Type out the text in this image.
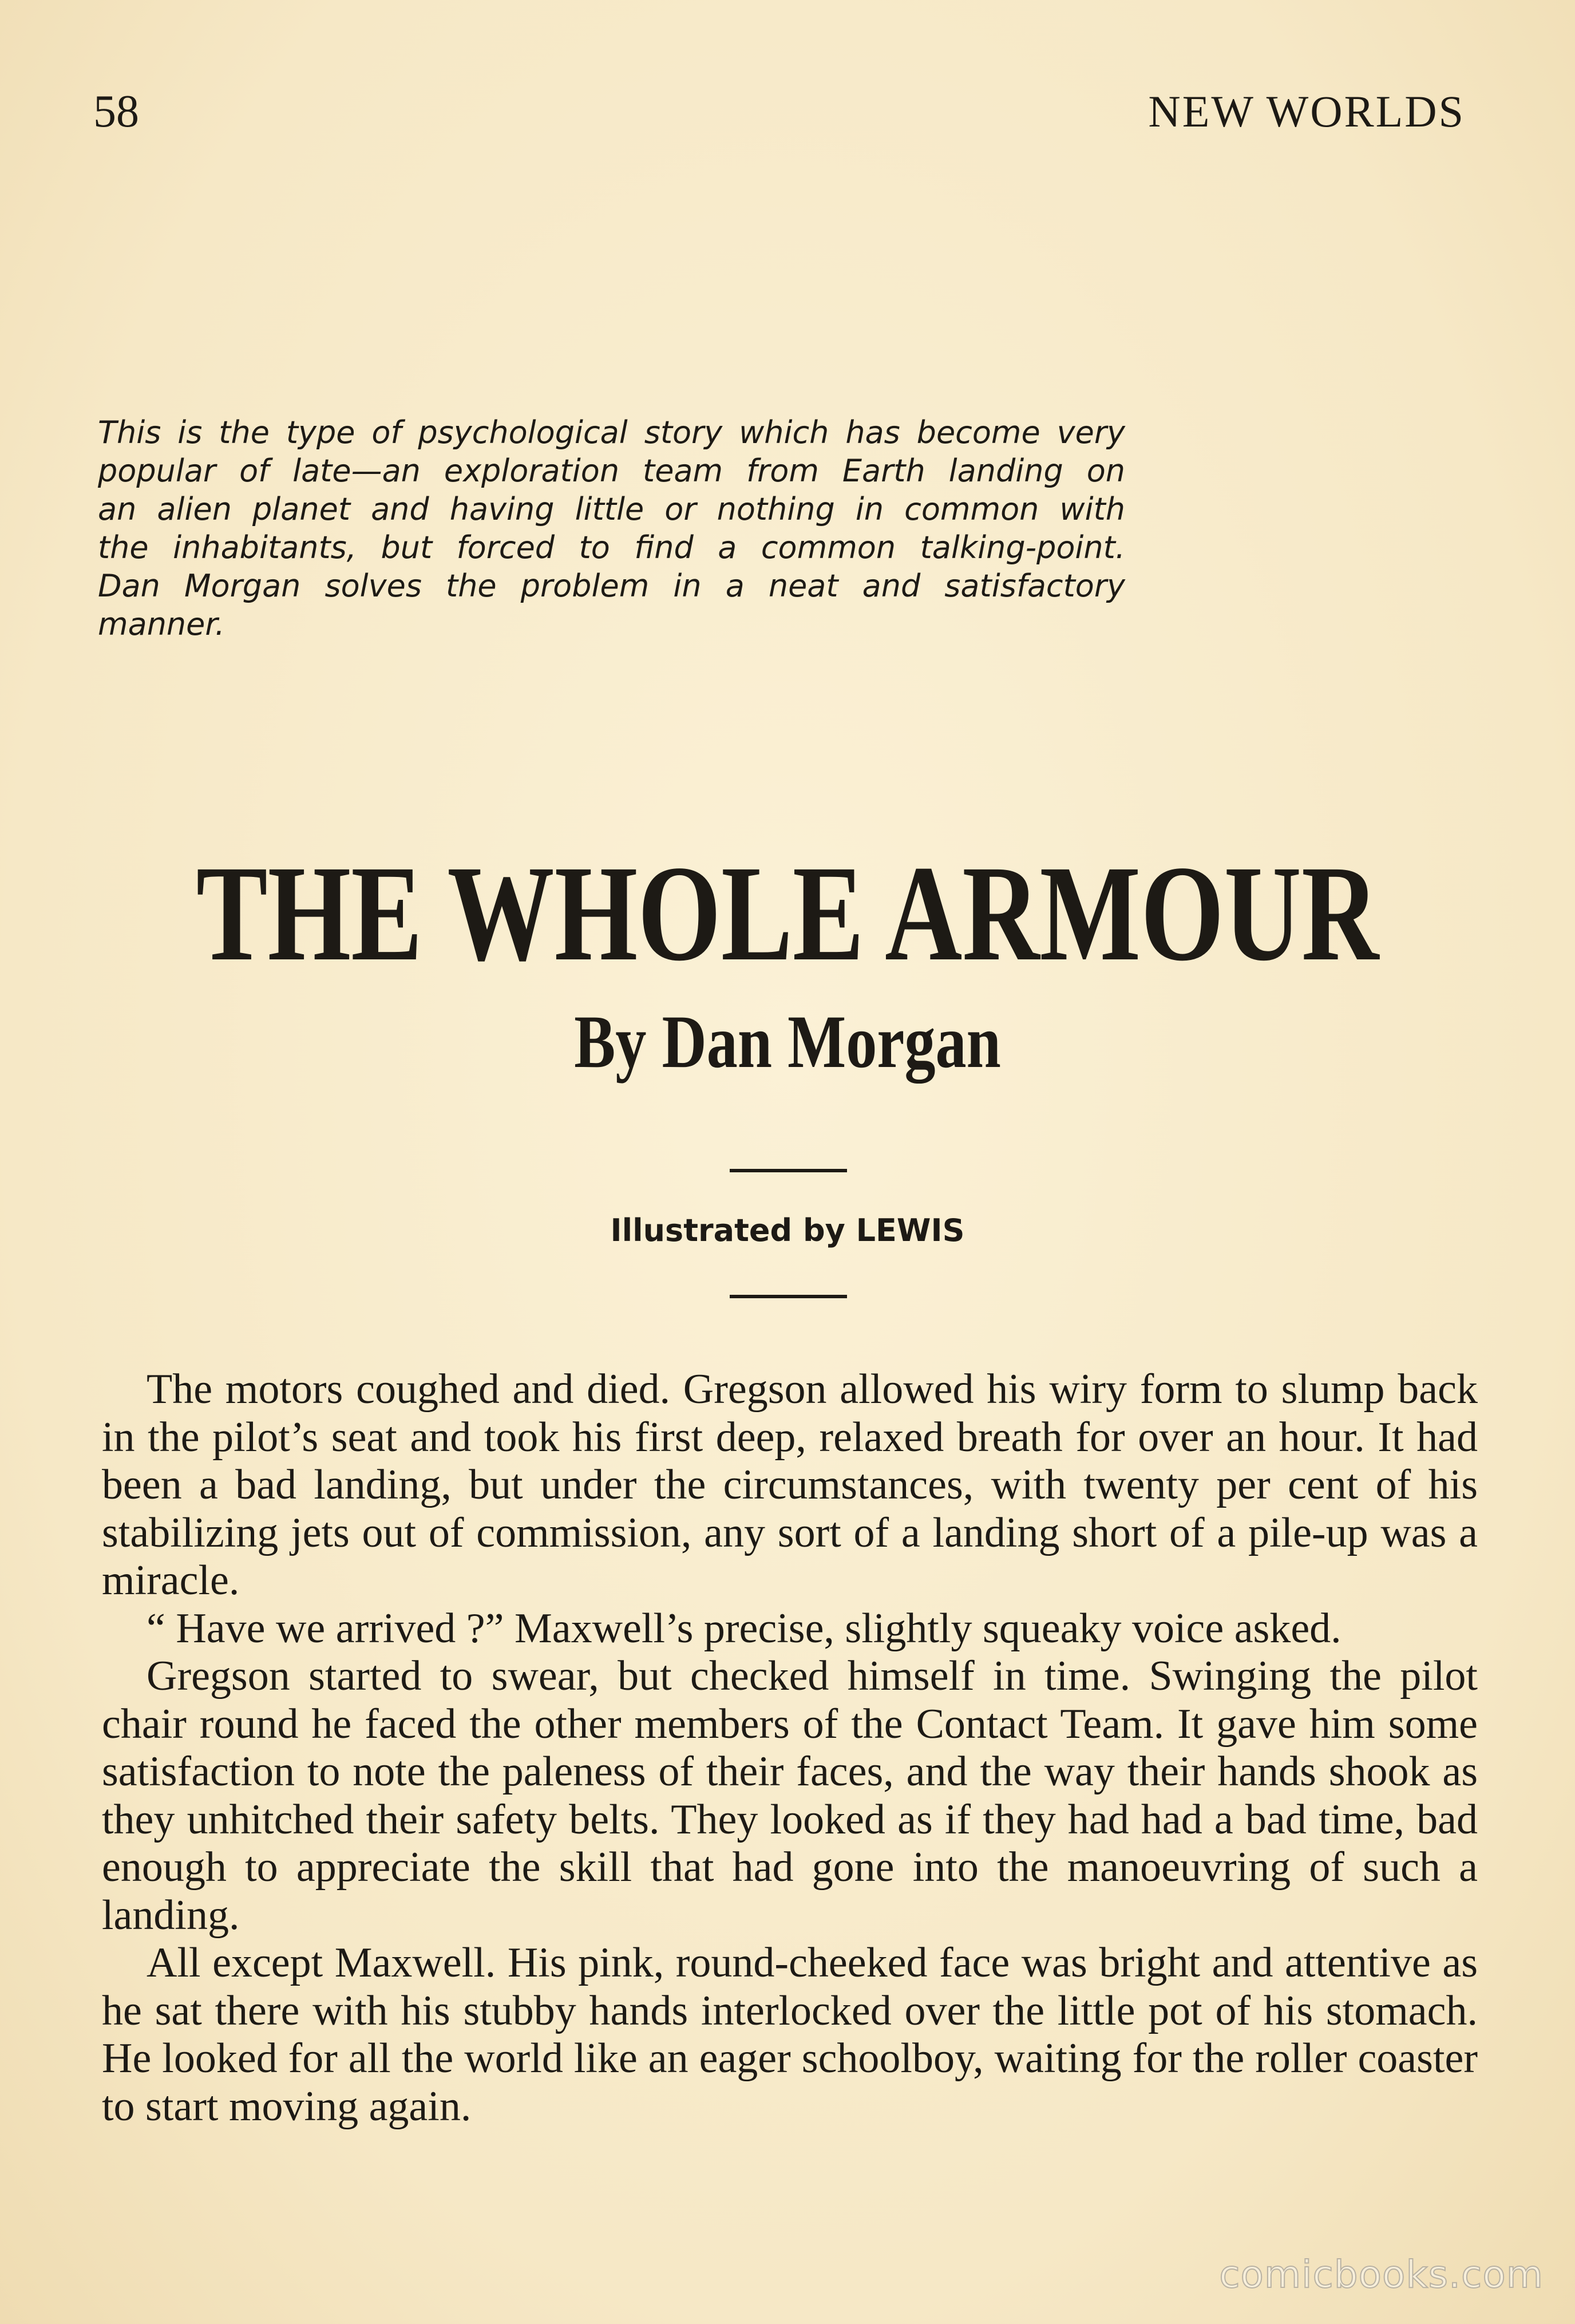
58	NEW WORLDS
This is the type of psychological story which has become very
popular of late—an exploration team from Earth landing on
an alien planet and having little or nothing in common with
the inhabitants, but forced to find a common talking-point.
Dan Morgan solves the problem in a neat and satisfactory manner.
THE WHOLE ARMOUR
By Dan Morgan
Illustrated by LEWIS

The motors coughed and died. Gregson allowed his wiry form to slump back in the pilot’s seat and took his first deep, relaxed breath for over an hour. It had been a bad landing, but under the circumstances, with twenty per cent of his stabilizing jets out of commission, any sort of a landing short of a pile-up was a miracle.

“ Have we arrived ?” Maxwell’s precise, slightly squeaky voice asked.

Gregson started to swear, but checked himself in time. Swinging the pilot chair round he faced the other members of the Contact Team. It gave him some satisfaction to note the paleness of their faces, and the way their hands shook as they unhitched their safety belts. They looked as if they had had a bad time, bad enough to appreciate the skill that had gone into the manoeuvring of such a landing.

All except Maxwell. His pink, round-cheeked face was bright and attentive as he sat there with his stubby hands interlocked over the little pot of his stomach. He looked for all the world like an eager schoolboy, waiting for the roller coaster to start moving again.

comicbooks.com
